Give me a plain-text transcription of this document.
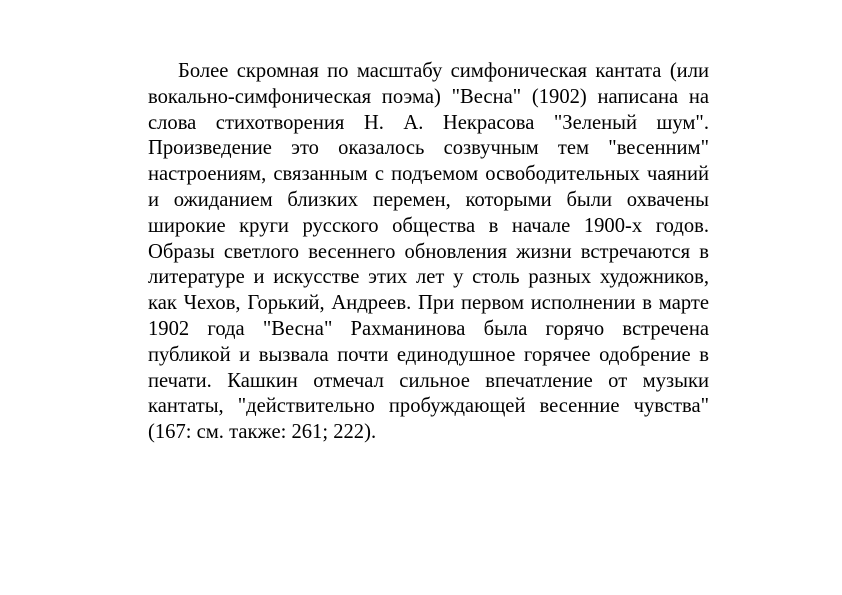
Более скромная по масштабу симфоническая кантата (или вокально-симфоническая поэма) "Весна" (1902) написана на слова стихотворения Н. А. Некрасова "Зеленый шум". Произведение это оказалось созвучным тем "весенним" настроениям, связанным с подъемом освободительных чаяний и ожиданием близких перемен, которыми были охвачены широкие круги русского общества в начале 1900-х годов. Образы светлого весеннего обновления жизни встречаются в литературе и искусстве этих лет у столь разных художников, как Чехов, Горький, Андреев. При первом исполнении в марте 1902 года "Весна" Рахманинова была горячо встречена публикой и вызвала почти единодушное горячее одобрение в печати. Кашкин отмечал сильное впечатление от музыки кантаты, "действительно пробуждающей весенние чувства" (167: см. также: 261; 222).
